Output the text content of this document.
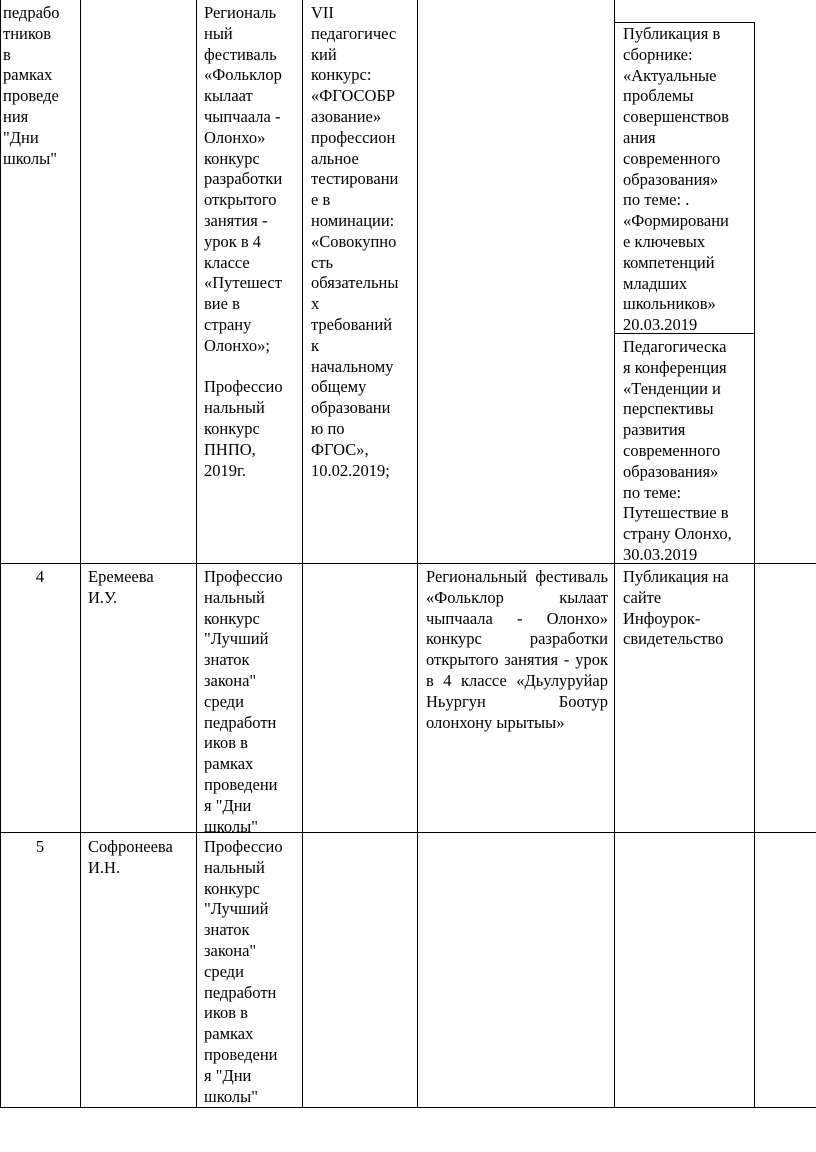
педрабо
тников
в
рамках
проведе
ния
"Дни
школы"
Региональ
ный
фестиваль
«Фольклор
кылаат
чыпчаала -
Олонхо»
конкурс
разработки
открытого
занятия -
урок в 4
классе
«Путешест
вие в
страну
Олонхо»;

Профессио
нальный
конкурс
ПНПО,
2019г.
VII
педагогичес
кий
конкурс:
«ФГОСОБР
азование»
профессион
альное
тестировани
е в
номинации:
«Совокупно
сть
обязательны
х
требований
к
начальному
общему
образовани
ю по
ФГОС»,
10.02.2019;
Публикация в
сборнике:
«Актуальные
проблемы
совершенствов
ания
современного
образования»
по теме: .
«Формировани
е ключевых
компетенций
младших
школьников»
20.03.2019
Педагогическа
я конференция
«Тенденции и
перспективы
развития
современного
образования»
по теме:
Путешествие в
страну Олонхо,
30.03.2019
4	Еремеева
И.У.
Профессио
нальный
конкурс
"Лучший
знаток
закона"
среди
педработн
иков в
рамках
проведени
я "Дни
школы"
Региональный фестиваль «Фольклор кылаат чыпчаала - Олонхо» конкурс разработки открытого занятия - урок в 4 классе «Дьулуруйар Ньургун Боотур олонхону ырытыы»
Публикация на
сайте
Инфоурок-
свидетельство
5	Софронеева
И.Н.
Профессио
нальный
конкурс
"Лучший
знаток
закона"
среди
педработн
иков в
рамках
проведени
я "Дни
школы"
